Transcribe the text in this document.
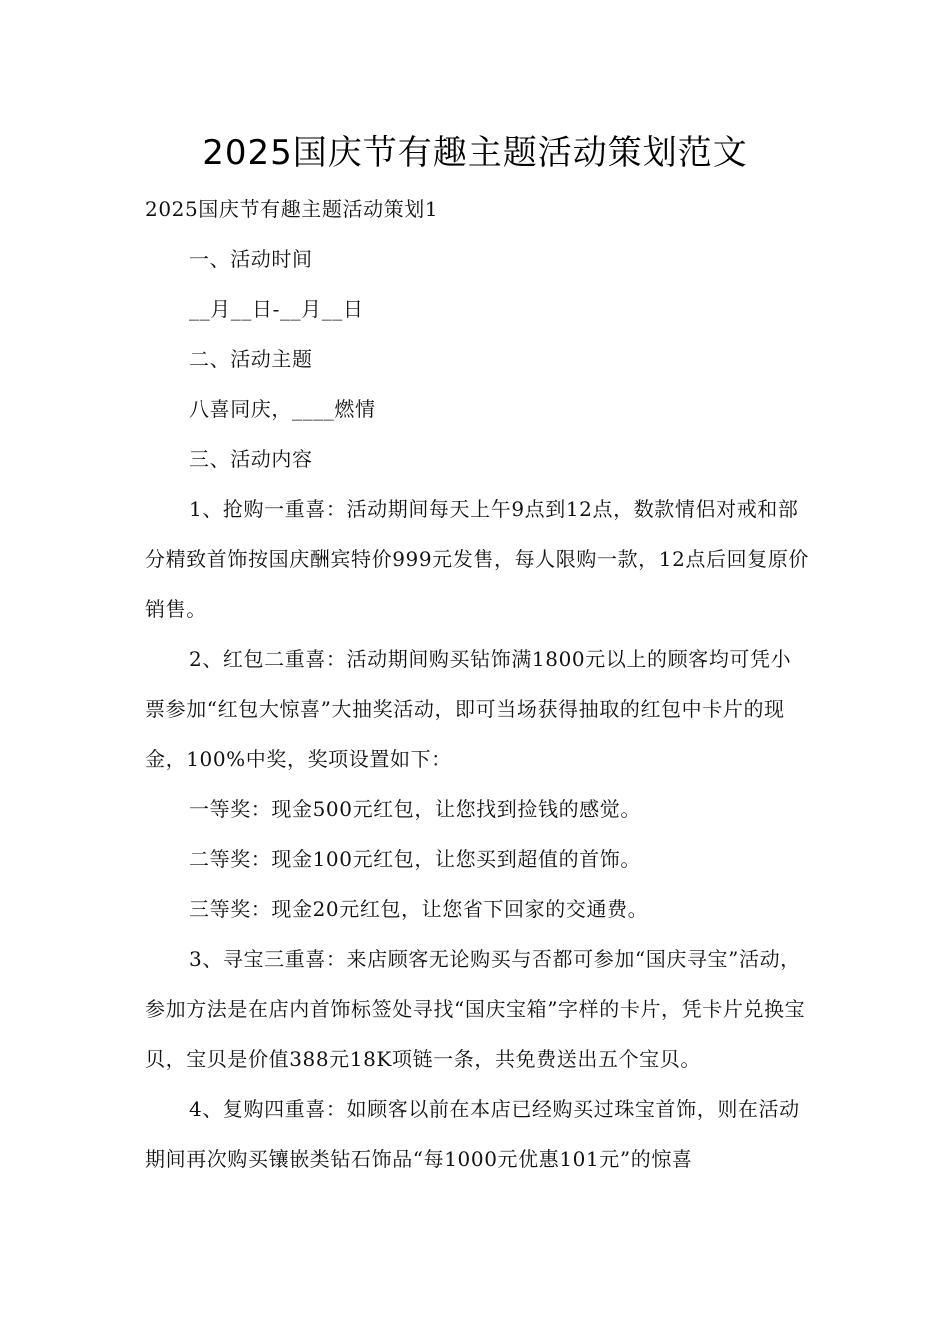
2025国庆节有趣主题活动策划范文

2025国庆节有趣主题活动策划1

一、活动时间

__月__日-__月__日

二、活动主题

八喜同庆，____燃情

三、活动内容

1、抢购一重喜：活动期间每天上午9点到12点，数款情侣对戒和部分精致首饰按国庆酬宾特价999元发售，每人限购一款，12点后回复原价销售。

2、红包二重喜：活动期间购买钻饰满1800元以上的顾客均可凭小票参加“红包大惊喜”大抽奖活动，即可当场获得抽取的红包中卡片的现金，100%中奖，奖项设置如下：

一等奖：现金500元红包，让您找到捡钱的感觉。

二等奖：现金100元红包，让您买到超值的首饰。

三等奖：现金20元红包，让您省下回家的交通费。

3、寻宝三重喜：来店顾客无论购买与否都可参加“国庆寻宝”活动，参加方法是在店内首饰标签处寻找“国庆宝箱”字样的卡片，凭卡片兑换宝贝，宝贝是价值388元18K项链一条，共免费送出五个宝贝。

4、复购四重喜：如顾客以前在本店已经购买过珠宝首饰，则在活动期间再次购买镶嵌类钻石饰品“每1000元优惠101元”的惊喜
